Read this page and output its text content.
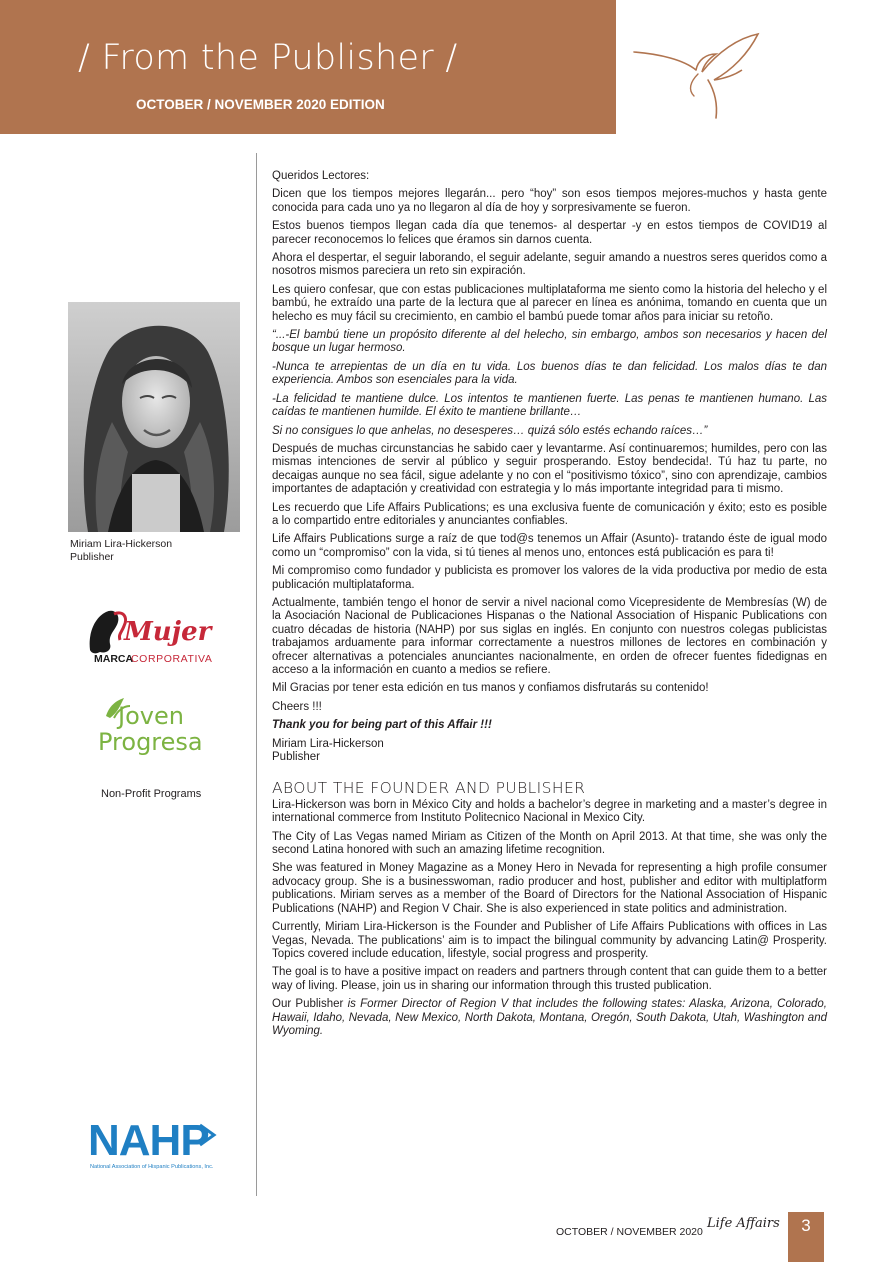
/ From the Publisher /
OCTOBER / NOVEMBER 2020 EDITION
Miriam Lira-Hickerson
Publisher
Mujer
MARCA
CORPORATIVA
Joven
Progresa
Non-Profit Programs
NAHP
National Association of Hispanic Publications, Inc.

Queridos Lectores:

Dicen que los tiempos mejores llegarán... pero “hoy” son esos tiempos mejores-muchos y hasta gente conocida para cada uno ya no llegaron al día de hoy y sorpresivamente se fueron.

Estos buenos tiempos llegan cada día que tenemos- al despertar -y en estos tiempos de COVID19 al parecer reconocemos lo felices que éramos sin darnos cuenta.

Ahora el despertar, el seguir laborando, el seguir adelante, seguir amando a nuestros seres queridos como a nosotros mismos pareciera un reto sin expiración.

Les quiero confesar, que con estas publicaciones multiplataforma me siento como la historia del helecho y el bambú, he extraído una parte de la lectura que al parecer en línea es anónima, tomando en cuenta que un helecho es muy fácil su crecimiento, en cambio el bambú puede tomar años para iniciar su retoño.

“...-El bambú tiene un propósito diferente al del helecho, sin embargo, ambos son necesarios y hacen del bosque un lugar hermoso.

-Nunca te arrepientas de un día en tu vida. Los buenos días te dan felicidad. Los malos días te dan experiencia. Ambos son esenciales para la vida.

-La felicidad te mantiene dulce. Los intentos te mantienen fuerte. Las penas te mantienen humano. Las caídas te mantienen humilde. El éxito te mantiene brillante…

Si no consigues lo que anhelas, no desesperes… quizá sólo estés echando raíces…”

Después de muchas circunstancias he sabido caer y levantarme. Así continuaremos; humildes, pero con las mismas intenciones de servir al público y seguir prosperando. Estoy bendecida!. Tú haz tu parte, no decaigas aunque no sea fácil, sigue adelante y no con el “positivismo tóxico”, sino con aprendizaje, cambios importantes de adaptación y creatividad con estrategia y lo más importante integridad para ti mismo.

Les recuerdo que Life Affairs Publications; es una exclusiva fuente de comunicación y éxito; esto es posible a lo compartido entre editoriales y anunciantes confiables.

Life Affairs Publications surge a raíz de que tod@s tenemos un Affair (Asunto)- tratando éste de igual modo como un “compromiso” con la vida, si tú tienes al menos uno, entonces está publicación es para ti!

Mi compromiso como fundador y publicista es promover los valores de la vida productiva por medio de esta publicación multiplataforma.

Actualmente, también tengo el honor de servir a nivel nacional como Vicepresidente de Membresías (W) de la Asociación Nacional de Publicaciones Hispanas o the National Association of Hispanic Publications con cuatro décadas de historia (NAHP) por sus siglas en inglés. En conjunto con nuestros colegas publicistas trabajamos arduamente para informar correctamente a nuestros millones de lectores en combinación y ofrecer alternativas a potenciales anunciantes nacionalmente, en orden de ofrecer fuentes fidedignas en acceso a la información en cuanto a medios se refiere.

Mil Gracias por tener esta edición en tus manos y confiamos disfrutarás su contenido!

Cheers !!!

Thank you for being part of this Affair !!!

Miriam Lira-Hickerson

Publisher

ABOUT THE FOUNDER AND PUBLISHER

Lira-Hickerson was born in México City and holds a bachelor’s degree in marketing and a master’s degree in international commerce from Instituto Politecnico Nacional in Mexico City.

The City of Las Vegas named Miriam as Citizen of the Month on April 2013. At that time, she was only the second Latina honored with such an amazing lifetime recognition.

She was featured in Money Magazine as a Money Hero in Nevada for representing a high profile consumer advocacy group. She is a businesswoman, radio producer and host, publisher and editor with multiplatform publications. Miriam serves as a member of the Board of Directors for the National Association of Hispanic Publications (NAHP) and Region V Chair. She is also experienced in state politics and administration.

Currently, Miriam Lira-Hickerson is the Founder and Publisher of Life Affairs Publications with offices in Las Vegas, Nevada. The publications’ aim is to impact the bilingual community by advancing Latin@ Prosperity. Topics covered include education, lifestyle, social progress and prosperity.

The goal is to have a positive impact on readers and partners through content that can guide them to a better way of living. Please, join us in sharing our information through this trusted publication.

Our Publisher is Former Director of Region V that includes the following states: Alaska, Arizona, Colorado, Hawaii, Idaho, Nevada, New Mexico, North Dakota, Montana, Oregón, South Dakota, Utah, Washington and Wyoming.

OCTOBER / NOVEMBER 2020
Life Affairs	3
